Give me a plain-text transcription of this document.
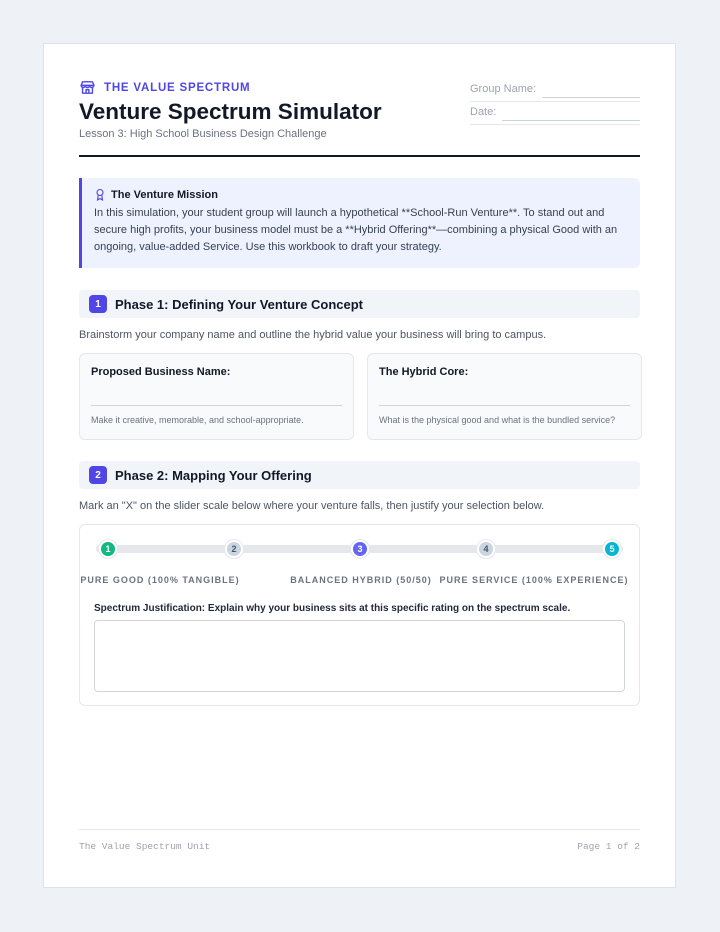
THE VALUE SPECTRUM
Venture Spectrum Simulator
Lesson 3: High School Business Design Challenge
Group Name:
Date:
The Venture Mission
In this simulation, your student group will launch a hypothetical **School-Run Venture**. To stand out and secure high profits, your business model must be a **Hybrid Offering**—combining a physical Good with an ongoing, value-added Service. Use this workbook to draft your strategy.
1	Phase 1: Defining Your Venture Concept
Brainstorm your company name and outline the hybrid value your business will bring to campus.
Proposed Business Name:
Make it creative, memorable, and school-appropriate.
The Hybrid Core:
What is the physical good and what is the bundled service?
2	Phase 2: Mapping Your Offering
Mark an "X" on the slider scale below where your venture falls, then justify your selection below.
1	2	3	4	5
PURE GOOD (100% TANGIBLE)	BALANCED HYBRID (50/50) PURE SERVICE (100% EXPERIENCE)
Spectrum Justification: Explain why your business sits at this specific rating on the spectrum scale.
The Value Spectrum Unit	Page 1 of 2
